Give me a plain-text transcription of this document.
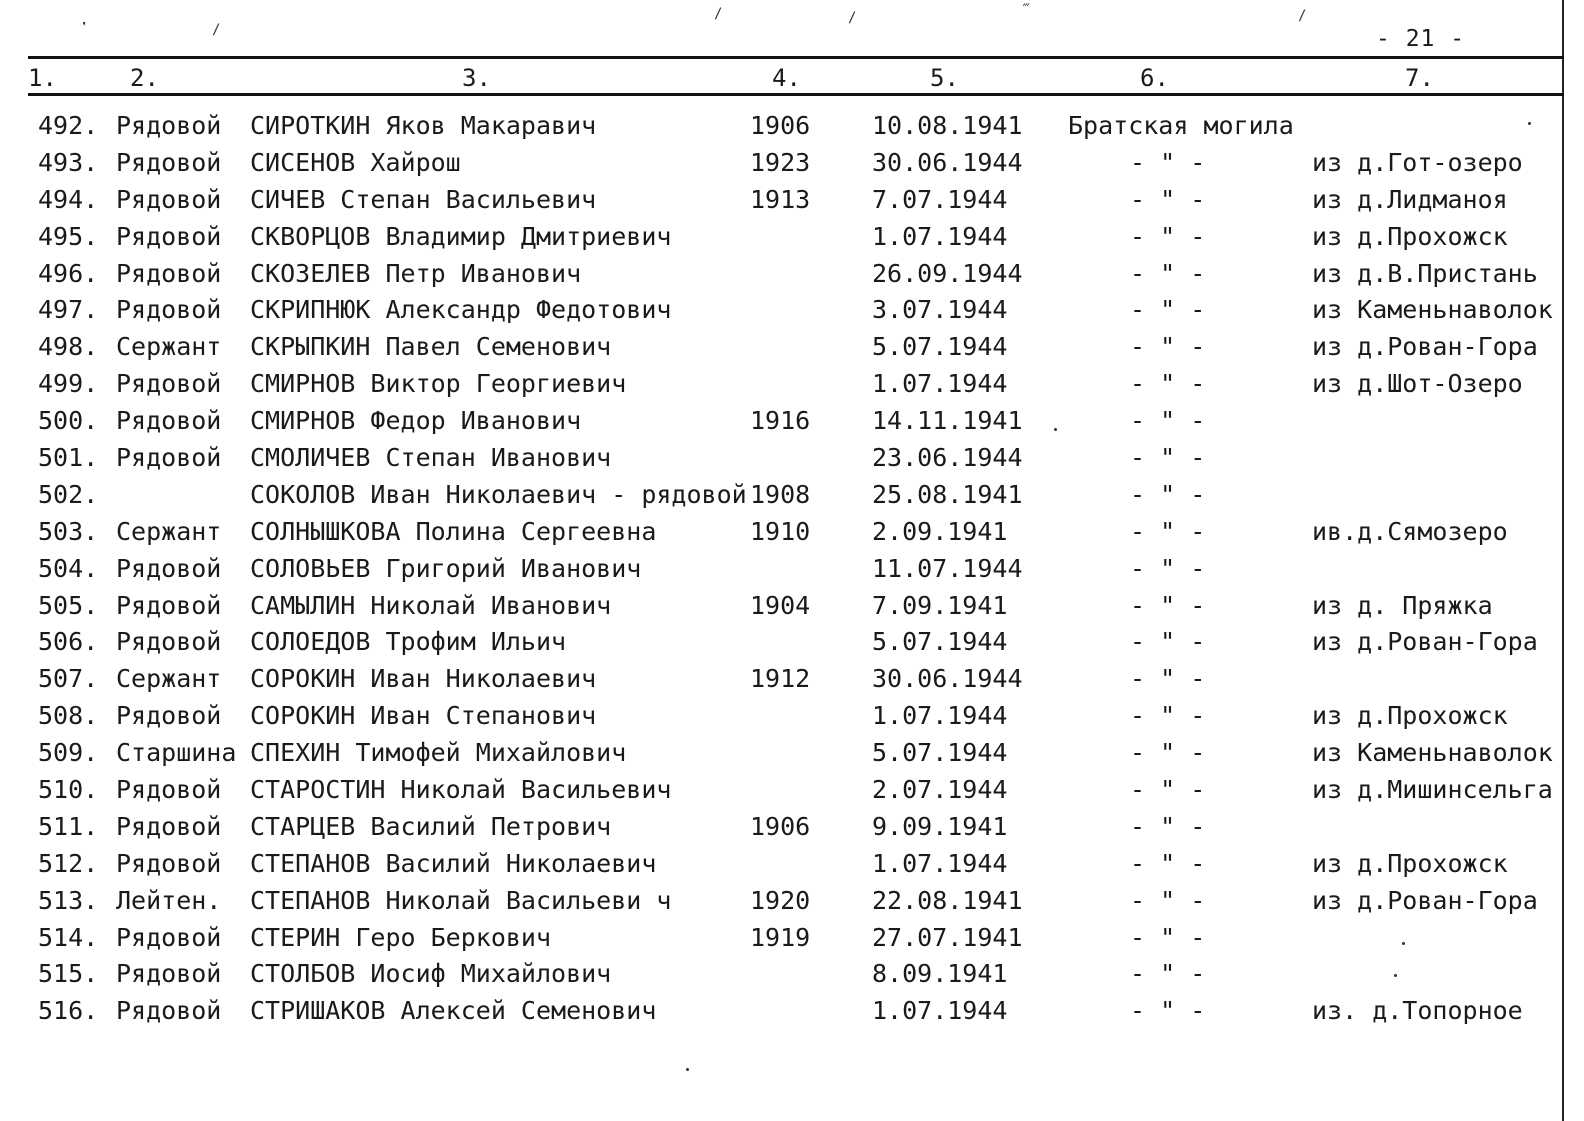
❜	/
/	/	‴	/
- 21 -
1.	2.	3.	4.	5.	6.	7.
492. Рядовой СИРОТКИН Яков Макаравич	1906 10.08.1941 Братская могила
493. Рядовой СИСЕНОВ Хайрош	1923 30.06.1944	- " -	из д.Гот-озеро
494. Рядовой СИЧЕВ Степан Васильевич	1913 7.07.1944	- " -	из д.Лидманоя
495. Рядовой СКВОРЦОВ Владимир Дмитриевич	1.07.1944	- " -	из д.Прохожск
496. Рядовой СКОЗЕЛЕВ Петр Иванович	26.09.1944	- " -	из д.В.Пристань
497. Рядовой СКРИПНЮК Александр Федотович	3.07.1944	- " -	из Каменьнаволок
498. Сержант СКРЫПКИН Павел Семенович	5.07.1944	- " -	из д.Рован-Гора
499. Рядовой СМИРНОВ Виктор Георгиевич	1.07.1944	- " -	из д.Шот-Озеро
500. Рядовой СМИРНОВ Федор Иванович	1916 14.11.1941	- " -
501. Рядовой СМОЛИЧЕВ Степан Иванович	23.06.1944	- " -
502.	СОКОЛОВ Иван Николаевич - рядовой 1908 25.08.1941	- " -
503. Сержант СОЛНЫШКОВА Полина Сергеевна	1910 2.09.1941	- " -	ив.д.Сямозеро
504. Рядовой СОЛОВЬЕВ Григорий Иванович	11.07.1944	- " -
505. Рядовой САМЫЛИН Николай Иванович	1904 7.09.1941	- " -	из д. Пряжка
506. Рядовой СОЛОЕДОВ Трофим Ильич	5.07.1944	- " -	из д.Рован-Гора
507. Сержант СОРОКИН Иван Николаевич	1912 30.06.1944	- " -
508. Рядовой СОРОКИН Иван Степанович	1.07.1944	- " -	из д.Прохожск
509. Старшина СПЕХИН Тимофей Михайлович	5.07.1944	- " -	из Каменьнаволок
510. Рядовой СТАРОСТИН Николай Васильевич	2.07.1944	- " -	из д.Мишинсельга
511. Рядовой СТАРЦЕВ Василий Петрович	1906 9.09.1941	- " -
512. Рядовой СТЕПАНОВ Василий Николаевич	1.07.1944	- " -	из д.Прохожск
513. Лейтен. СТЕПАНОВ Николай Васильеви ч	1920 22.08.1941	- " -	из д.Рован-Гора
514. Рядовой СТЕРИН Геро Беркович	1919 27.07.1941	- " -
515. Рядовой СТОЛБОВ Иосиф Михайлович	8.09.1941	- " -
516. Рядовой СТРИШАКОВ Алексей Семенович	1.07.1944	- " -	из. д.Топорное
